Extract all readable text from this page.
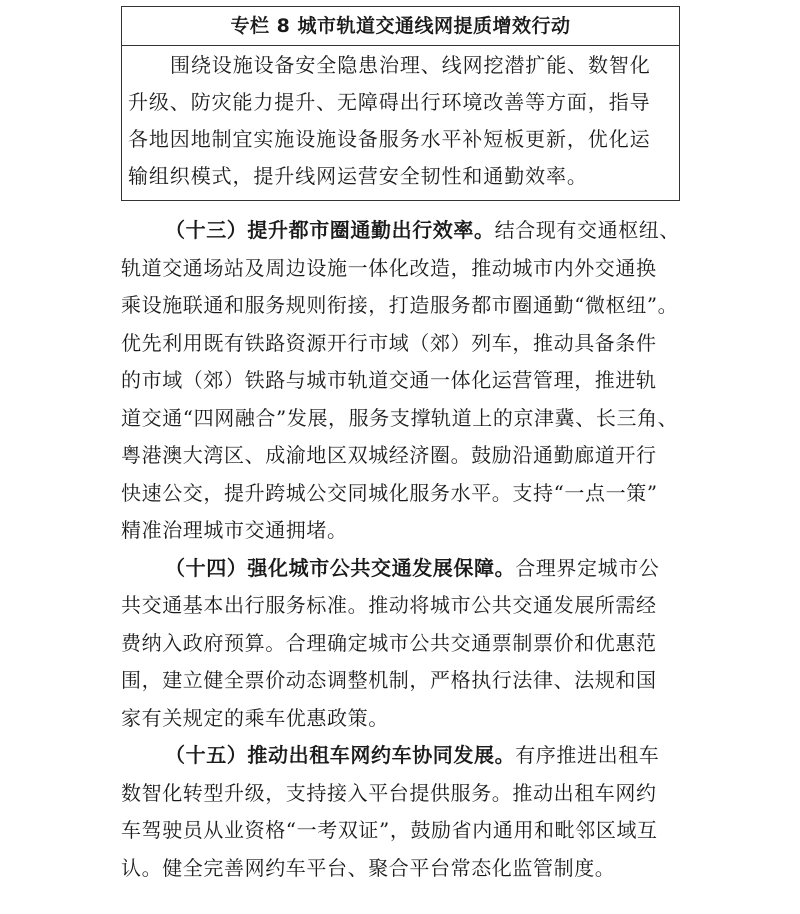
专栏 8 城市轨道交通线网提质增效行动
围绕设施设备安全隐患治理、线网挖潜扩能、数智化
升级、防灾能力提升、无障碍出行环境改善等方面，指导
各地因地制宜实施设施设备服务水平补短板更新，优化运
输组织模式，提升线网运营安全韧性和通勤效率。
（十三）提升都市圈通勤出行效率。结合现有交通枢纽、
轨道交通场站及周边设施一体化改造，推动城市内外交通换
乘设施联通和服务规则衔接，打造服务都市圈通勤“微枢纽”。
优先利用既有铁路资源开行市域（郊）列车，推动具备条件
的市域（郊）铁路与城市轨道交通一体化运营管理，推进轨
道交通“四网融合”发展，服务支撑轨道上的京津冀、长三角、
粤港澳大湾区、成渝地区双城经济圈。鼓励沿通勤廊道开行
快速公交，提升跨城公交同城化服务水平。支持“一点一策”
精准治理城市交通拥堵。
（十四）强化城市公共交通发展保障。合理界定城市公
共交通基本出行服务标准。推动将城市公共交通发展所需经
费纳入政府预算。合理确定城市公共交通票制票价和优惠范
围，建立健全票价动态调整机制，严格执行法律、法规和国
家有关规定的乘车优惠政策。
（十五）推动出租车网约车协同发展。有序推进出租车
数智化转型升级，支持接入平台提供服务。推动出租车网约
车驾驶员从业资格“一考双证”，鼓励省内通用和毗邻区域互
认。健全完善网约车平台、聚合平台常态化监管制度。
